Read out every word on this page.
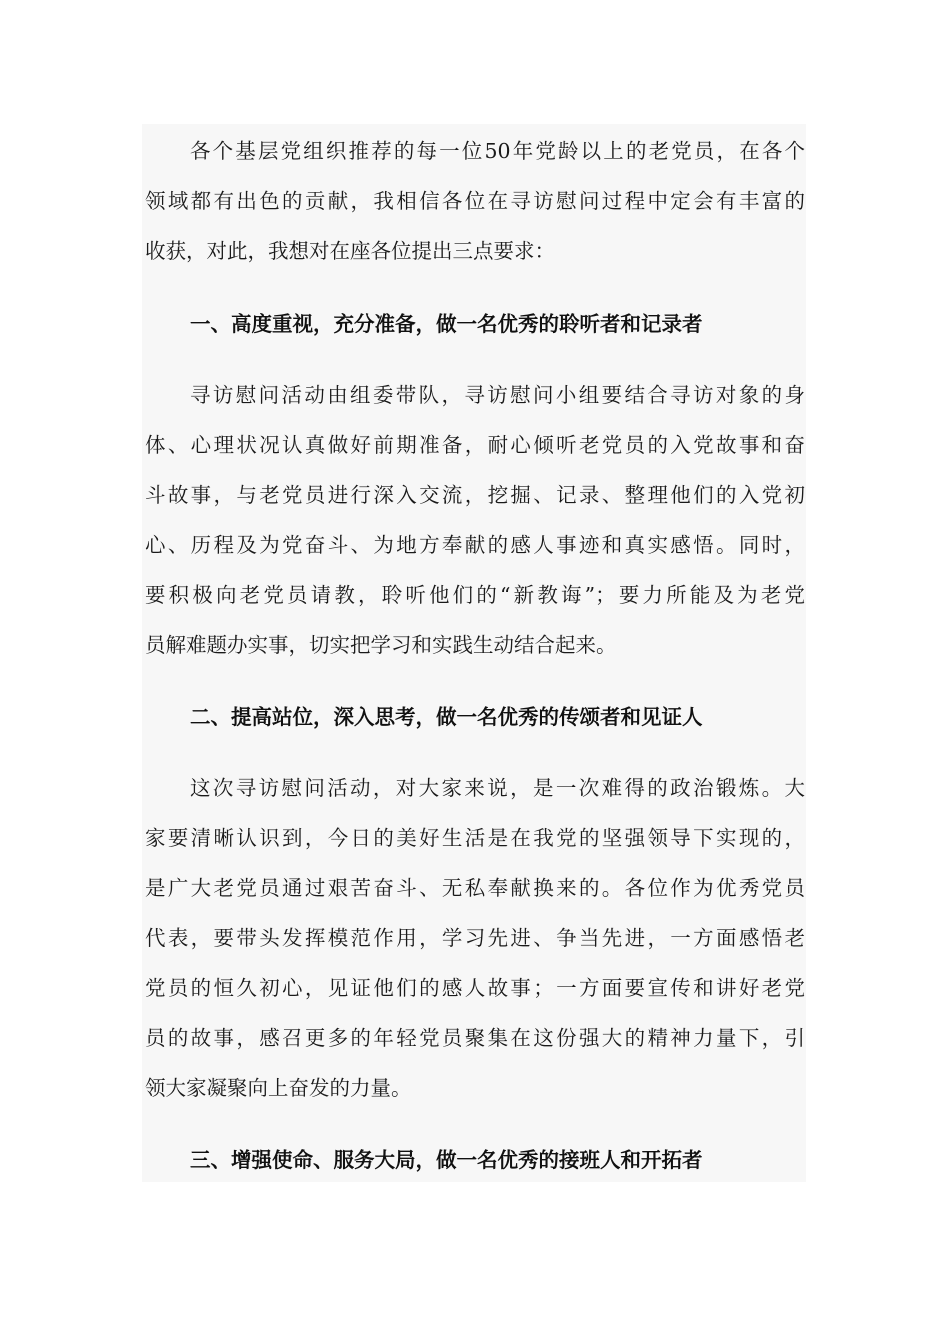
各个基层党组织推荐的每一位50年党龄以上的老党员，在各个
领域都有出色的贡献，我相信各位在寻访慰问过程中定会有丰富的
收获，对此，我想对在座各位提出三点要求：
一、高度重视，充分准备，做一名优秀的聆听者和记录者
寻访慰问活动由组委带队，寻访慰问小组要结合寻访对象的身
体、心理状况认真做好前期准备，耐心倾听老党员的入党故事和奋
斗故事，与老党员进行深入交流，挖掘、记录、整理他们的入党初
心、历程及为党奋斗、为地方奉献的感人事迹和真实感悟。同时，
要积极向老党员请教，聆听他们的“新教诲”；要力所能及为老党
员解难题办实事，切实把学习和实践生动结合起来。
二、提高站位，深入思考，做一名优秀的传颂者和见证人
这次寻访慰问活动，对大家来说，是一次难得的政治锻炼。大
家要清晰认识到，今日的美好生活是在我党的坚强领导下实现的，
是广大老党员通过艰苦奋斗、无私奉献换来的。各位作为优秀党员
代表，要带头发挥模范作用，学习先进、争当先进，一方面感悟老
党员的恒久初心，见证他们的感人故事；一方面要宣传和讲好老党
员的故事，感召更多的年轻党员聚集在这份强大的精神力量下，引
领大家凝聚向上奋发的力量。
三、增强使命、服务大局，做一名优秀的接班人和开拓者
